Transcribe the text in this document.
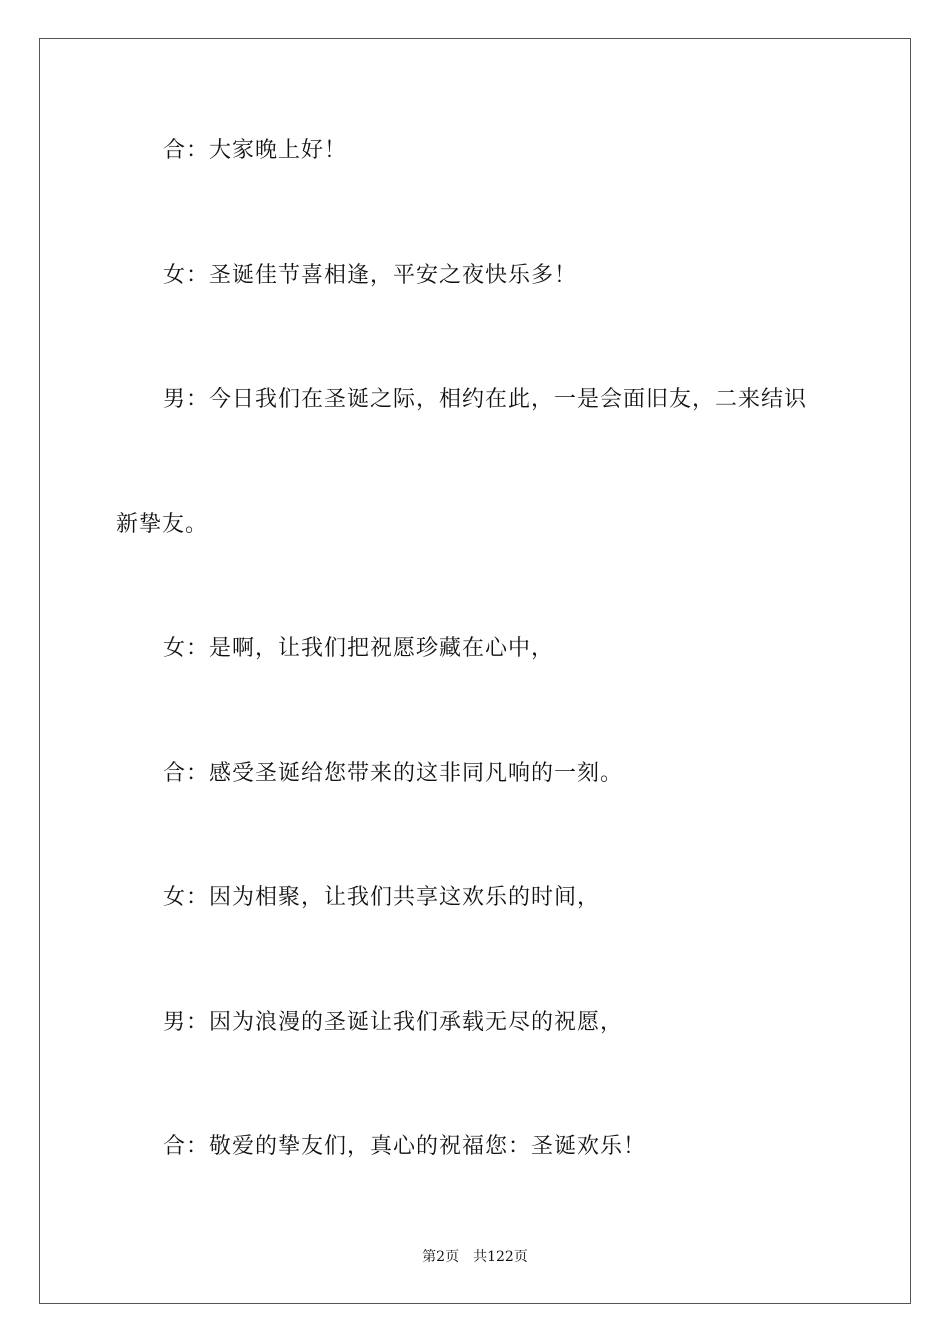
合：大家晚上好！
女：圣诞佳节喜相逢，平安之夜快乐多！
男：今日我们在圣诞之际，相约在此，一是会面旧友，二来结识
新挚友。
女：是啊，让我们把祝愿珍藏在心中，
合：感受圣诞给您带来的这非同凡响的一刻。
女：因为相聚，让我们共享这欢乐的时间，
男：因为浪漫的圣诞让我们承载无尽的祝愿，
合：敬爱的挚友们，真心的祝福您：圣诞欢乐！
第2页 共122页
